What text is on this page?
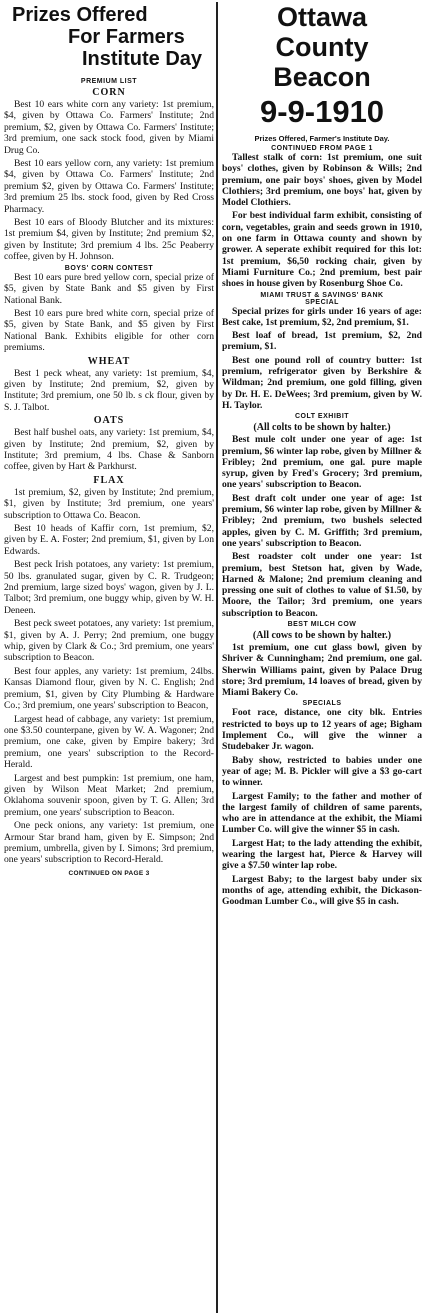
Prizes Offered
For Farmers
Institute Day
PREMIUM LIST
CORN

Best 10 ears white corn any variety: 1st premium, $4, given by Ottawa Co. Farmers' Institute; 2nd premium, $2, given by Ottawa Co. Farmers' Institute; 3rd premium, one sack stock food, given by Miami Drug Co.

Best 10 ears yellow corn, any variety: 1st premium $4, given by Ottawa Co. Farmers' Institute; 2nd premium $2, given by Ottawa Co. Farmers' Institute; 3rd premium 25 lbs. stock food, given by Red Cross Pharmacy.

Best 10 ears of Bloody Blutcher and its mixtures: 1st premium $4, given by Institute; 2nd premium $2, given by Institute; 3rd premium 4 lbs. 25c Peaberry coffee, given by H. Johnson.

BOYS' CORN CONTEST

Best 10 ears pure bred yellow corn, special prize of $5, given by State Bank and $5 given by First National Bank.

Best 10 ears pure bred white corn, special prize of $5, given by State Bank, and $5 given by First National Bank. Exhibits eligible for other corn premiums.

WHEAT

Best 1 peck wheat, any variety: 1st premium, $4, given by Institute; 2nd premium, $2, given by Institute; 3rd premium, one 50 lb. s ck flour, given by S. J. Talbot.

OATS

Best half bushel oats, any variety: 1st premium, $4, given by Institute; 2nd premium, $2, given by Institute; 3rd premium, 4 lbs. Chase & Sanborn coffee, given by Hart & Parkhurst.

FLAX

1st premium, $2, given by Institute; 2nd premium, $1, given by Institute; 3rd premium, one years' subscription to Ottawa Co. Beacon.

Best 10 heads of Kaffir corn, 1st premium, $2, given by E. A. Foster; 2nd premium, $1, given by Lon Edwards.

Best peck Irish potatoes, any variety: 1st premium, 50 lbs. granulated sugar, given by C. R. Trudgeon; 2nd premium, large sized boys' wagon, given by J. L. Talbot; 3rd premium, one buggy whip, given by W. H. Deneen.

Best peck sweet potatoes, any variety: 1st premium, $1, given by A. J. Perry; 2nd premium, one buggy whip, given by Clark & Co.; 3rd premium, one years' subscription to Beacon.

Best four apples, any variety: 1st premium, 24lbs. Kansas Diamond flour, given by N. C. English; 2nd premium, $1, given by City Plumbing & Hardware Co.; 3rd premium, one years' subscription to Beacon,

Largest head of cabbage, any variety: 1st premium, one $3.50 counterpane, given by W. A. Wagoner; 2nd premium, one cake, given by Empire bakery; 3rd premium, one years' subscription to the Record-Herald.

Largest and best pumpkin: 1st premium, one ham, given by Wilson Meat Market; 2nd premium, Oklahoma souvenir spoon, given by T. G. Allen; 3rd premium, one years' subscription to Beacon.

One peck onions, any variety: 1st premium, one Armour Star brand ham, given by E. Simpson; 2nd premium, umbrella, given by I. Simons; 3rd premium, one years' subscription to Record-Herald.

CONTINUED ON PAGE 3
Ottawa
County
Beacon
9-9-1910
Prizes Offered, Farmer's Institute Day.
CONTINUED FROM PAGE 1

Tallest stalk of corn: 1st premium, one suit boys' clothes, given by Robinson & Wills; 2nd premium, one pair boys' shoes, given by Model Clothiers; 3rd premium, one boys' hat, given by Model Clothiers.

For best individual farm exhibit, consisting of corn, vegetables, grain and seeds grown in 1910, on one farm in Ottawa county and shown by grower. A seperate exhibit required for this lot: 1st premium, $6,50 rocking chair, given by Miami Furniture Co.; 2nd premium, best pair shoes in house given by Rosenburg Shoe Co.

MIAMI TRUST & SAVINGS' BANK
SPECIAL

Special prizes for girls under 16 years of age: Best cake, 1st premium, $2, 2nd premium, $1.

Best loaf of bread, 1st premium, $2, 2nd premium, $1.

Best one pound roll of country butter: 1st premium, refrigerator given by Berkshire & Wildman; 2nd premium, one gold filling, given by Dr. H. E. DeWees; 3rd premium, given by W. H. Taylor.

COLT EXHIBIT
(All colts to be shown by halter.)

Best mule colt under one year of age: 1st premium, $6 winter lap robe, given by Millner & Fribley; 2nd premium, one gal. pure maple syrup, given by Fred's Grocery; 3rd premium, one years' subscription to Beacon.

Best draft colt under one year of age: 1st premium, $6 winter lap robe, given by Millner & Fribley; 2nd premium, two bushels selected apples, given by C. M. Griffith; 3rd premium, one years' subscription to Beacon.

Best roadster colt under one year: 1st premium, best Stetson hat, given by Wade, Harned & Malone; 2nd premium cleaning and pressing one suit of clothes to value of $1.50, by Moore, the Tailor; 3rd premium, one years subscription to Beacon.

BEST MILCH COW
(All cows to be shown by halter.)

1st premium, one cut glass bowl, given by Shriver & Cunningham; 2nd premium, one gal. Sherwin Williams paint, given by Palace Drug store; 3rd premium, 14 loaves of bread, given by Miami Bakery Co.

SPECIALS

Foot race, distance, one city blk. Entries restricted to boys up to 12 years of age; Bigham Implement Co., will give the winner a Studebaker Jr. wagon.

Baby show, restricted to babies under one year of age; M. B. Pickler will give a $3 go-cart to winner.

Largest Family; to the father and mother of the largest family of children of same parents, who are in attendance at the exhibit, the Miami Lumber Co. will give the winner $5 in cash.

Largest Hat; to the lady attending the exhibit, wearing the largest hat, Pierce & Harvey will give a $7.50 winter lap robe.

Largest Baby; to the largest baby under six months of age, attending exhibit, the Dickason-Goodman Lumber Co., will give $5 in cash.
